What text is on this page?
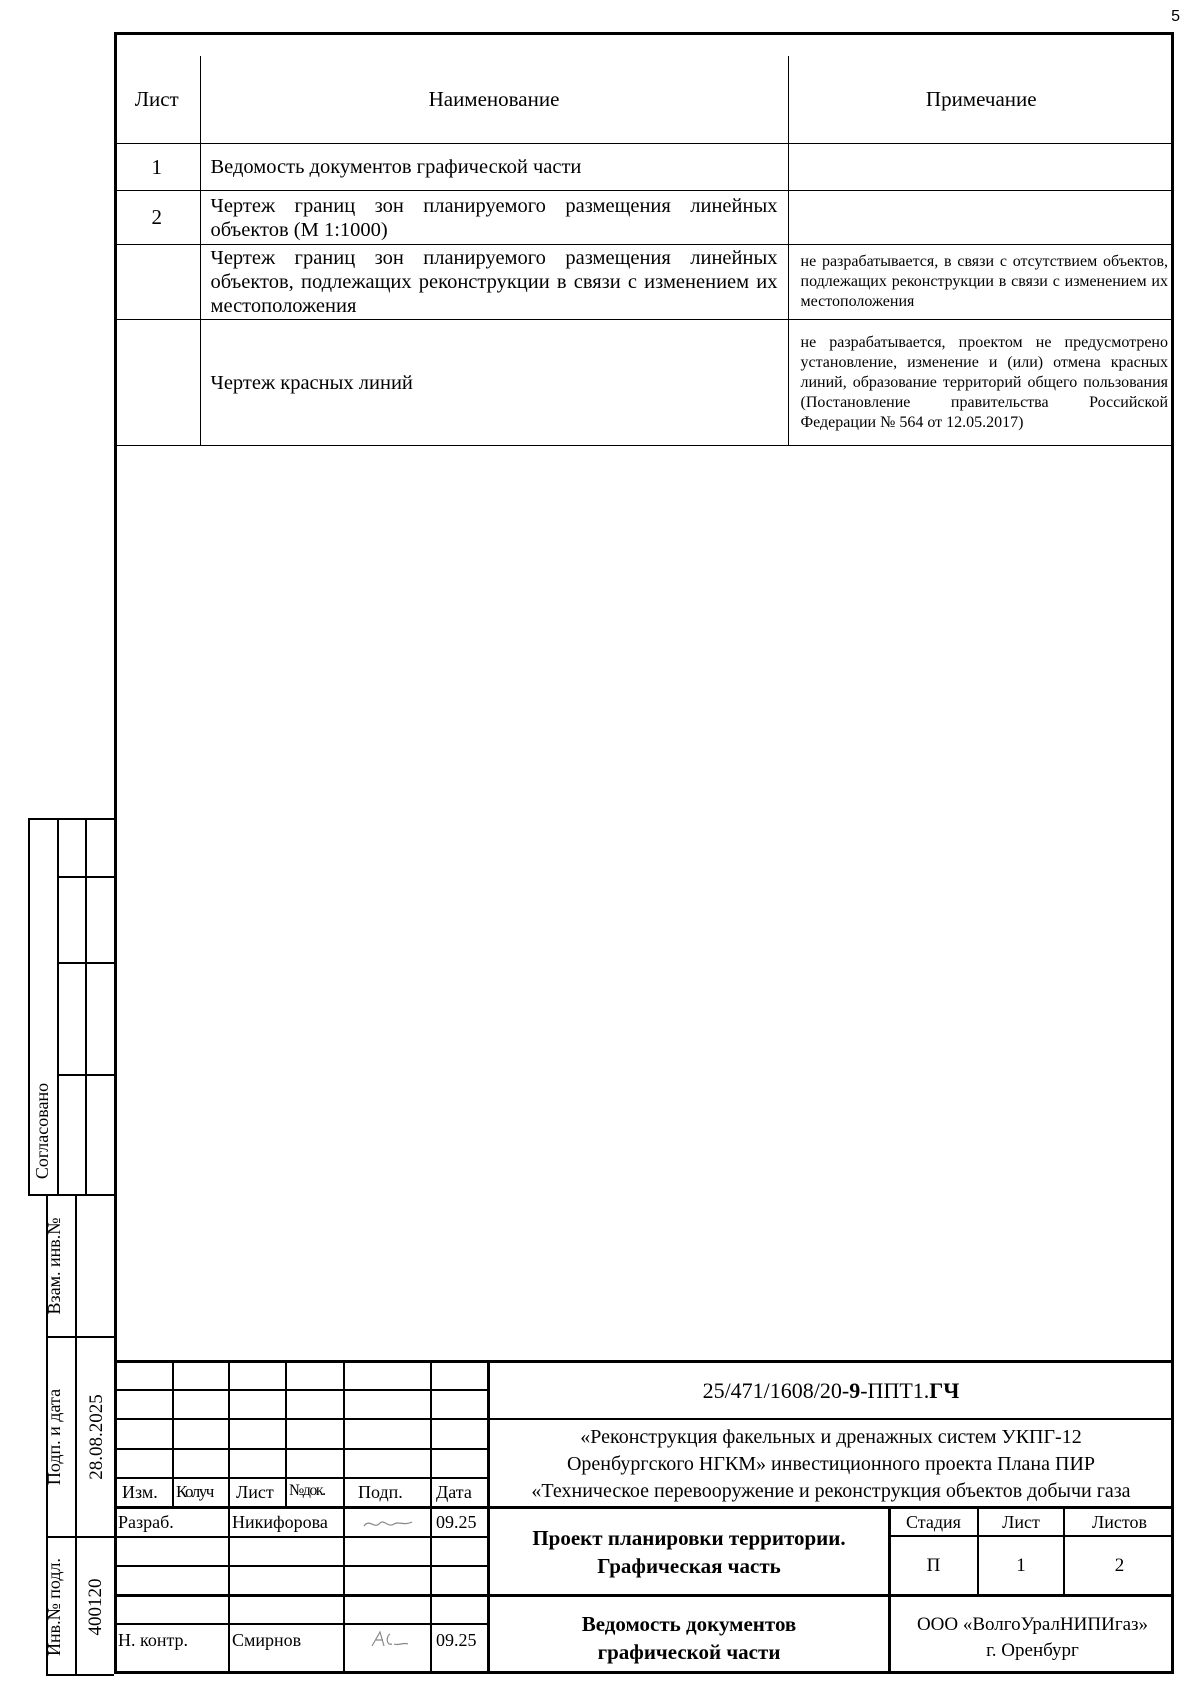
5
Лист	Наименование	Примечание
1	Ведомость документов графической части	
2	Чертеж границ зон планируемого размещения линейных объектов (М 1:1000)	
	Чертеж границ зон планируемого размещения линейных объектов, подлежащих реконструкции в связи с изменением их местоположения	не разрабатывается, в связи с отсутствием объектов, подлежащих реконструкции в связи с изменением их местоположения
	Чертеж красных линий	не разрабатывается, проектом не предусмотрено установление, изменение и (или) отмена красных линий, образование территорий общего пользования (Постановление правительства Российской Федерации № 564 от 12.05.2017)
Согласовано
Взам. инв.№
Подп. и дата 28.08.2025
Инв.№ подл. 400120
25/471/1608/20-9-ППТ1.ГЧ
«Реконструкция факельных и дренажных систем УКПГ-12
Оренбургского НГКМ» инвестиционного проекта Плана ПИР
«Техническое перевооружение и реконструкция объектов добычи газа
Изм. Колуч Лист №док. Подп. Дата
Разраб.	Никифорова	09.25
Н. контр. Смирнов	09.25
Проект планировки территории.
Графическая часть
Ведомость документов
графической части
Стадия	Лист	Листов
П	1	2
ООО «ВолгоУралНИПИгаз»
г. Оренбург
